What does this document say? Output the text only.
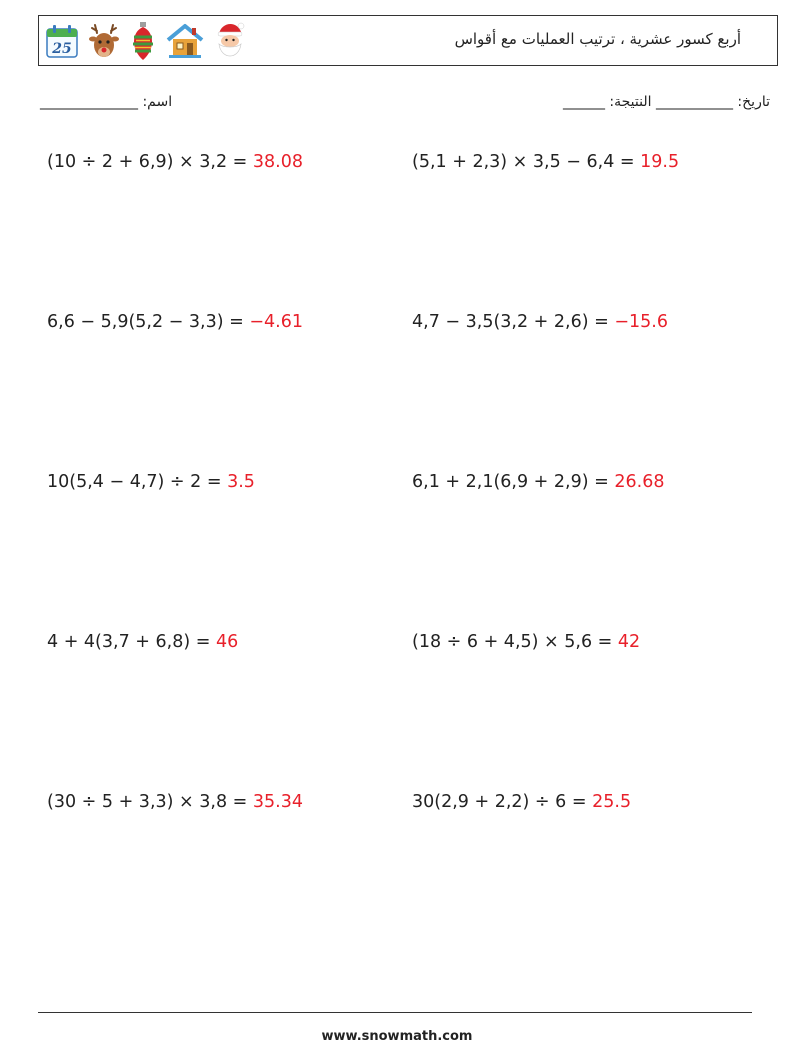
25
أربع كسور عشرية ، ترتيب العمليات مع أقواس
______________ :اسم	______ :تاريخ: ___________ النتيجة
(10 ÷ 2 + 6,9) × 3,2 = 38.08	(5,1 + 2,3) × 3,5 − 6,4 = 19.5
6,6 − 5,9(5,2 − 3,3) = −4.61	4,7 − 3,5(3,2 + 2,6) = −15.6
10(5,4 − 4,7) ÷ 2 = 3.5	6,1 + 2,1(6,9 + 2,9) = 26.68
4 + 4(3,7 + 6,8) = 46	(18 ÷ 6 + 4,5) × 5,6 = 42
(30 ÷ 5 + 3,3) × 3,8 = 35.34	30(2,9 + 2,2) ÷ 6 = 25.5
www.snowmath.com
